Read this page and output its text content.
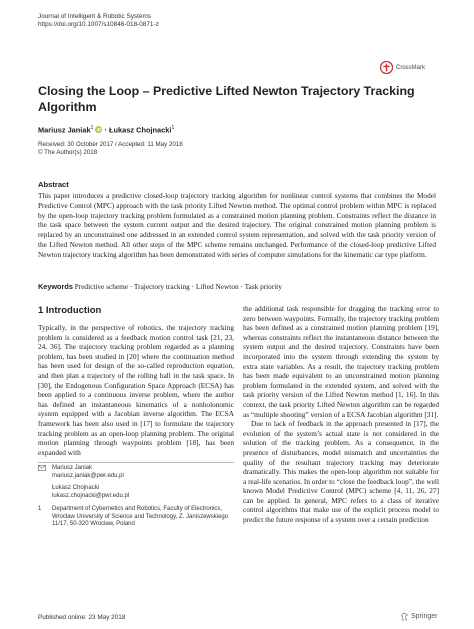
Journal of Intelligent & Robotic Systems
https://doi.org/10.1007/s10846-018-0871-z
CrossMark
Closing the Loop – Predictive Lifted Newton Trajectory Tracking Algorithm
Mariusz Janiak$^1$ iD · Łukasz Chojnacki$^1$
Received: 30 October 2017 / Accepted: 11 May 2018
© The Author(s) 2018
Abstract
This paper introduces a predictive closed-loop trajectory tracking algorithm for nonlinear control systems that combines the Model Predictive Control (MPC) approach with the task priority Lifted Newton method. The optimal control problem within MPC is replaced by the open-loop trajectory tracking problem formulated as a constrained motion planning problem. Constraints reflect the distance in the task space between the system current output and the desired trajectory. The original constrained motion planning problem is replaced by an unconstrained one addressed in an extended control system representation, and solved with the task priority version of the Lifted Newton method. All other steps of the MPC scheme remains unchanged. Performance of the closed-loop predictive Lifted Newton trajectory tracking algorithm has been demonstrated with series of computer simulations for the kinematic car type platform.
Keywords Predictive scheme · Trajectory tracking · Lifted Newton · Task priority
1 Introduction
Typically, in the perspective of robotics, the trajectory tracking problem is considered as a feedback motion control task [21, 23, 24, 36]. The trajectory tracking problem regarded as a planning problem, has been studied in [20] where the continuation method has been used for design of the so-called reproduction equation, and then plan a trajectory of the rolling ball in the task space. In [30], the Endogenous Configuration Space Approach (ECSA) has been applied to a continuous inverse problem, where the author has defined an instantaneous kinematics of a nonholonomic system equipped with a Jacobian inverse algorithm. The ECSA framework has been also used in [17] to formulate the trajectory tracking problem as an open-loop planning problem. The original motion planning through waypoints problem [18], has been expanded with
the additional task responsible for dragging the tracking error to zero between waypoints. Formally, the trajectory tracking problem has been defined as a constrained motion planning problem [19], whereas constraints reflect the instantaneous distance between the system output and the desired trajectory. Constraints have been incorporated into the system through extending the system by extra state variables. As a result, the trajectory tracking problem has been made equivalent to an unconstrained motion planning problem formulated in the extended system, and solved with the task priority version of the Lifted Newton method [1, 16]. In this context, the task priority Lifted Newton algorithm can be regarded as “multiple shooting” version of a ECSA Jacobian algorithm [31].
Due to lack of feedback in the approach presented in [17], the evolution of the system’s actual state is not considered in the solution of the tracking problem. As a consequence, in the presence of disturbances, model mismatch and uncertainties the quality of the resultant trajectory tracking may deteriorate dramatically. This makes the open-loop algorithm not suitable for a real-life scenarios. In order to “close the feedback loop”, the well known Model Predictive Control (MPC) scheme [4, 11, 26, 27] can be applied. In general, MPC refers to a class of iterative control algorithms that make use of the explicit process model to predict the future response of a system over a certain prediction
Mariusz Janiak
mariusz.janiak@pwr.edu.pl
Łukasz Chojnacki
lukasz.chojnacki@pwr.edu.pl
1	Department of Cybernetics and Robotics, Faculty of Electronics, Wrocław University of Science and Technology, Z. Janiszewskiego 11/17, 50-320 Wrocław, Poland
Published online: 23 May 2018	Springer
